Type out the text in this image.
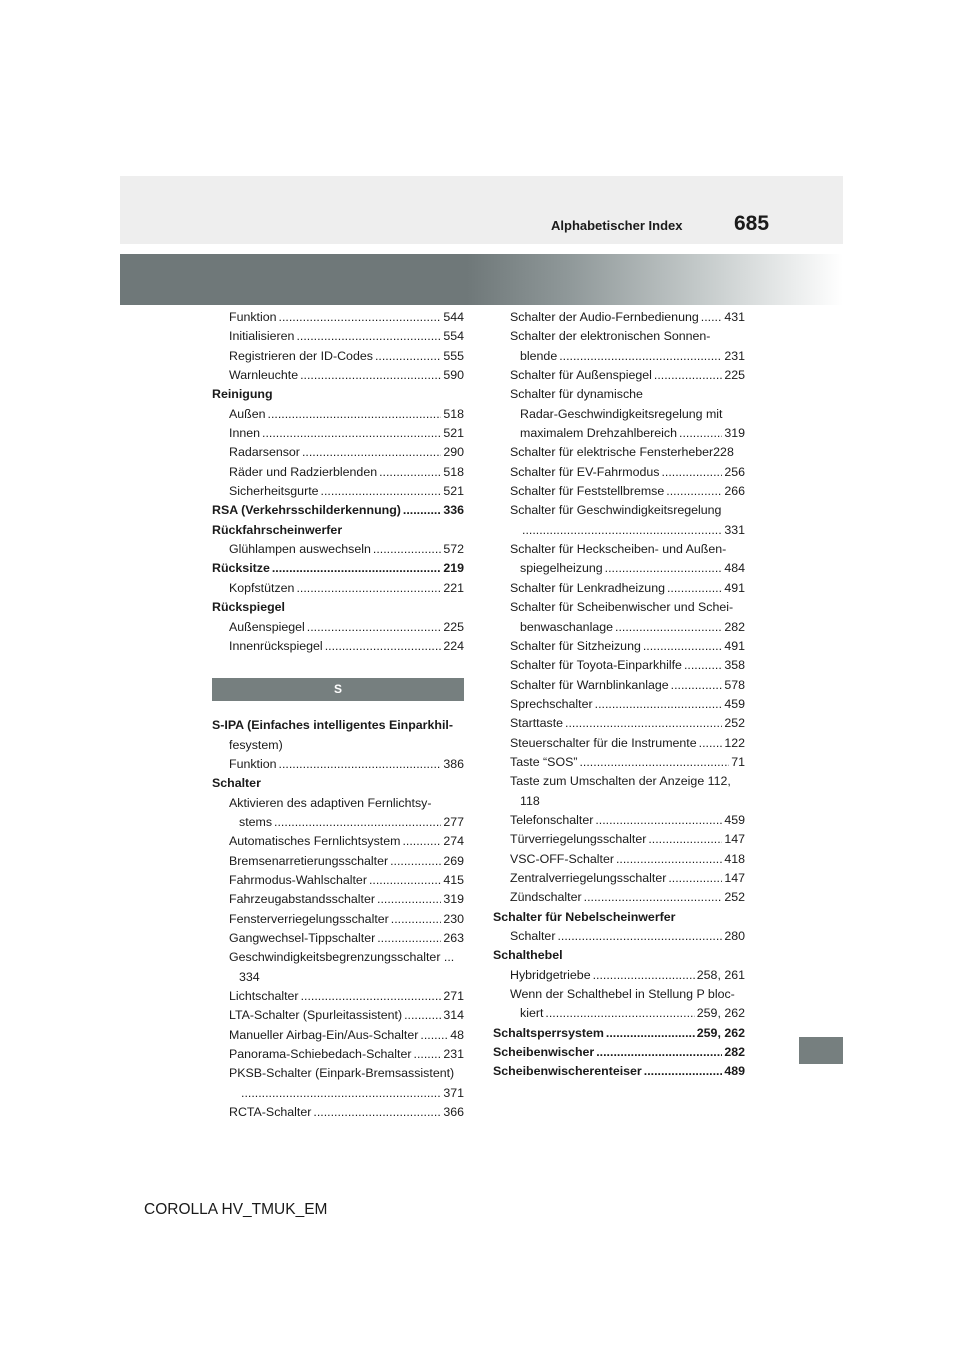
Alphabetischer Index 685
Funktion .....	544
Initialisieren .....	554
Registrieren der ID-Codes .....	555
Warnleuchte .....	590
Reinigung
Außen .....	518
Innen .....	521
Radarsensor .....	290
Räder und Radzierblenden .....	518
Sicherheitsgurte .....	521
RSA (Verkehrsschilderkennung) .....	336
Rückfahrscheinwerfer
Glühlampen auswechseln .....	572
Rücksitze .....	219
Kopfstützen .....	221
Rückspiegel
Außenspiegel .....	225
Innenrückspiegel .....	224
S
S-IPA (Einfaches intelligentes Einparkhil-
fesystem)
Funktion .....	386
Schalter
Aktivieren des adaptiven Fernlichtsy-
stems .....	277
Automatisches Fernlichtsystem .....	274
Bremsenarretierungsschalter .....	269
Fahrmodus-Wahlschalter .....	415
Fahrzeugabstandsschalter .....	319
Fensterverriegelungsschalter .....	230
Gangwechsel-Tippschalter .....	263
Geschwindigkeitsbegrenzungsschalter ...
334
Lichtschalter .....	271
LTA-Schalter (Spurleitassistent) .....	314
Manueller Airbag-Ein/Aus-Schalter .....	48
Panorama-Schiebedach-Schalter .....	231
PKSB-Schalter (Einpark-Bremsassistent)
.....
371
RCTA-Schalter .....	366
Schalter der Audio-Fernbedienung ..... 431
Schalter der elektronischen Sonnen-
blende .....	231
Schalter für Außenspiegel .....	225
Schalter für dynamische
Radar-Geschwindigkeitsregelung mit
maximalem Drehzahlbereich .....	319
Schalter für elektrische Fensterheber228
Schalter für EV-Fahrmodus .....	256
Schalter für Feststellbremse .....	266
Schalter für Geschwindigkeitsregelung
.....
331
Schalter für Heckscheiben- und Außen-
spiegelheizung .....	484
Schalter für Lenkradheizung .....	491
Schalter für Scheibenwischer und Schei-
benwaschanlage .....	282
Schalter für Sitzheizung .....	491
Schalter für Toyota-Einparkhilfe .....	358
Schalter für Warnblinkanlage .....	578
Sprechschalter .....	459
Starttaste .....	252
Steuerschalter für die Instrumente ..... 122
Taste “SOS” .....	71
Taste zum Umschalten der Anzeige 112,
118
Telefonschalter .....	459
Türverriegelungsschalter .....	147
VSC-OFF-Schalter .....	418
Zentralverriegelungsschalter .....	147
Zündschalter .....	252
Schalter für Nebelscheinwerfer
Schalter .....	280
Schalthebel
Hybridgetriebe .....	258, 261
Wenn der Schalthebel in Stellung P bloc-
kiert .....	259, 262
Schaltsperrsystem .....	259, 262
Scheibenwischer .....	282
Scheibenwischerenteiser .....	489
COROLLA HV_TMUK_EM
